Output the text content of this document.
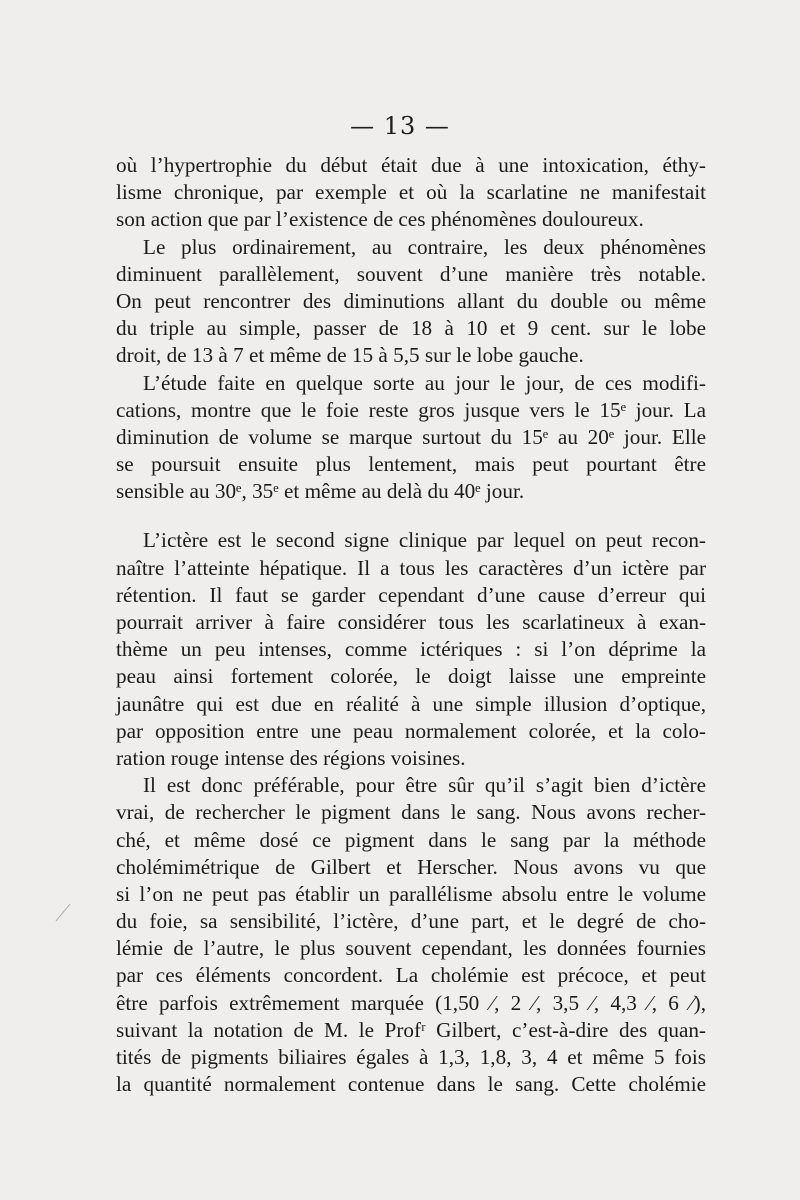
— 13 —
où l’hypertrophie du début était due à une intoxication, éthy-
lisme chronique, par exemple et où la scarlatine ne manifestait
son action que par l’existence de ces phénomènes douloureux.
Le plus ordinairement, au contraire, les deux phénomènes
diminuent parallèlement, souvent d’une manière très notable.
On peut rencontrer des diminutions allant du double ou même
du triple au simple, passer de 18 à 10 et 9 cent. sur le lobe
droit, de 13 à 7 et même de 15 à 5,5 sur le lobe gauche.
L’étude faite en quelque sorte au jour le jour, de ces modifi-
cations, montre que le foie reste gros jusque vers le 15ᵉ jour. La
diminution de volume se marque surtout du 15ᵉ au 20ᵉ jour. Elle
se poursuit ensuite plus lentement, mais peut pourtant être
sensible au 30ᵉ, 35ᵉ et même au delà du 40ᵉ jour.
L’ictère est le second signe clinique par lequel on peut recon-
naître l’atteinte hépatique. Il a tous les caractères d’un ictère par
rétention. Il faut se garder cependant d’une cause d’erreur qui
pourrait arriver à faire considérer tous les scarlatineux à exan-
thème un peu intenses, comme ictériques : si l’on déprime la
peau ainsi fortement colorée, le doigt laisse une empreinte
jaunâtre qui est due en réalité à une simple illusion d’optique,
par opposition entre une peau normalement colorée, et la colo-
ration rouge intense des régions voisines.
Il est donc préférable, pour être sûr qu’il s’agit bien d’ictère
vrai, de rechercher le pigment dans le sang. Nous avons recher-
ché, et même dosé ce pigment dans le sang par la méthode
cholémimétrique de Gilbert et Herscher. Nous avons vu que
si l’on ne peut pas établir un parallélisme absolu entre le volume
du foie, sa sensibilité, l’ictère, d’une part, et le degré de cho-
lémie de l’autre, le plus souvent cependant, les données fournies
par ces éléments concordent. La cholémie est précoce, et peut
être parfois extrêmement marquée (1,50 ⁄, 2 ⁄, 3,5 ⁄, 4,3 ⁄, 6 ⁄),
suivant la notation de M. le Profʳ Gilbert, c’est-à-dire des quan-
tités de pigments biliaires égales à 1,3, 1,8, 3, 4 et même 5 fois
la quantité normalement contenue dans le sang. Cette cholémie
